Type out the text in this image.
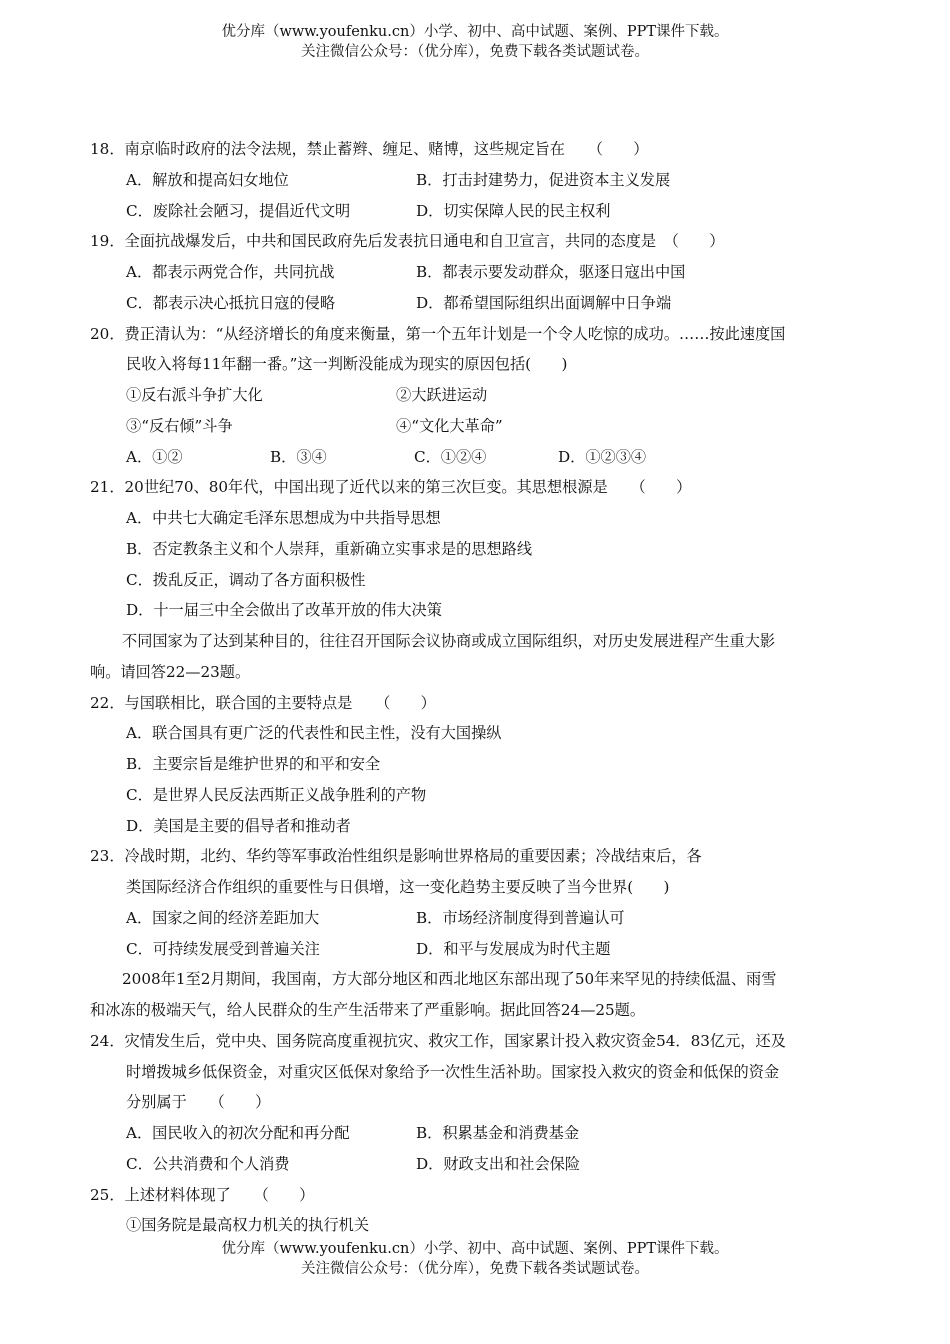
优分库（www.youfenku.cn）小学、初中、高中试题、案例、PPT课件下载。
关注微信公众号：（优分库），免费下载各类试题试卷。
18．南京临时政府的法令法规，禁止蓄辫、缠足、赌博，这些规定旨在　　（　　）
A．解放和提高妇女地位	B．打击封建势力，促进资本主义发展
C．废除社会陋习，提倡近代文明	D．切实保障人民的民主权利
19．全面抗战爆发后，中共和国民政府先后发表抗日通电和自卫宣言，共同的态度是　（　　）
A．都表示两党合作，共同抗战	B．都表示要发动群众，驱逐日寇出中国
C．都表示决心抵抗日寇的侵略	D．都希望国际组织出面调解中日争端
20．费正清认为：“从经济增长的角度来衡量，第一个五年计划是一个令人吃惊的成功。……按此速度国
民收入将每11年翻一番。”这一判断没能成为现实的原因包括(　　)
①反右派斗争扩大化	②大跃进运动
③“反右倾”斗争	④“文化大革命”
A．①②	B．③④	C．①②④	D．①②③④
21．20世纪70、80年代，中国出现了近代以来的第三次巨变。其思想根源是　　（　　）
A．中共七大确定毛泽东思想成为中共指导思想
B．否定教条主义和个人崇拜，重新确立实事求是的思想路线
C．拨乱反正，调动了各方面积极性
D．十一届三中全会做出了改革开放的伟大决策
不同国家为了达到某种目的，往往召开国际会议协商或成立国际组织，对历史发展进程产生重大影
响。请回答22—23题。
22．与国联相比，联合国的主要特点是　　（　　）
A．联合国具有更广泛的代表性和民主性，没有大国操纵
B．主要宗旨是维护世界的和平和安全
C．是世界人民反法西斯正义战争胜利的产物
D．美国是主要的倡导者和推动者
23．冷战时期，北约、华约等军事政治性组织是影响世界格局的重要因素；冷战结束后，各
类国际经济合作组织的重要性与日俱增，这一变化趋势主要反映了当今世界(　　)
A．国家之间的经济差距加大	B．市场经济制度得到普遍认可
C．可持续发展受到普遍关注	D．和平与发展成为时代主题
2008年1至2月期间，我国南，方大部分地区和西北地区东部出现了50年来罕见的持续低温、雨雪
和冰冻的极端天气，给人民群众的生产生活带来了严重影响。据此回答24—25题。
24．灾情发生后，党中央、国务院高度重视抗灾、救灾工作，国家累计投入救灾资金54．83亿元，还及
时增拨城乡低保资金，对重灾区低保对象给予一次性生活补助。国家投入救灾的资金和低保的资金
分别属于　　（　　）
A．国民收入的初次分配和再分配	B．积累基金和消费基金
C．公共消费和个人消费	D．财政支出和社会保险
25．上述材料体现了　　（　　）
①国务院是最高权力机关的执行机关
优分库（www.youfenku.cn）小学、初中、高中试题、案例、PPT课件下载。
关注微信公众号：（优分库），免费下载各类试题试卷。
